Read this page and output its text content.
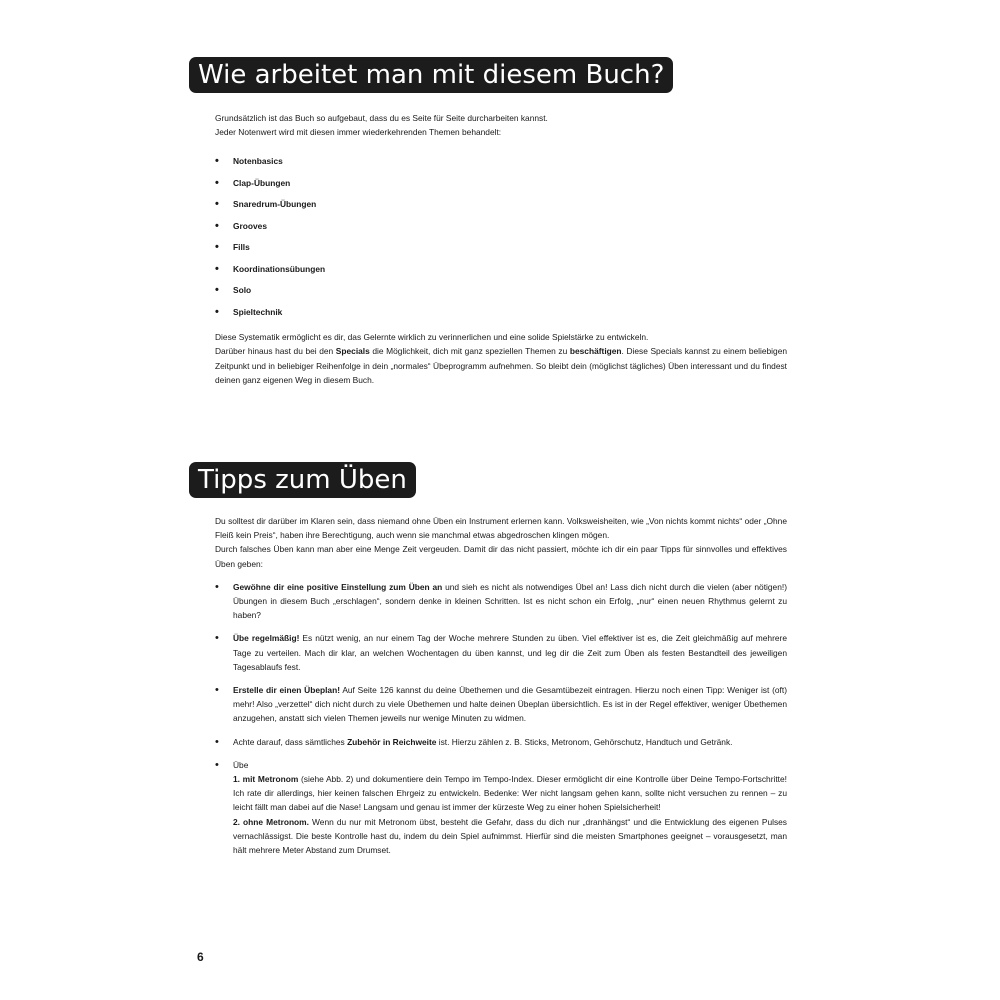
Wie arbeitet man mit diesem Buch?

Grundsätzlich ist das Buch so aufgebaut, dass du es Seite für Seite durcharbeiten kannst.

Jeder Notenwert wird mit diesen immer wiederkehrenden Themen behandelt:

• Notenbasics
• Clap-Übungen
• Snaredrum-Übungen
• Grooves
• Fills
• Koordinationsübungen
• Solo
• Spieltechnik

Diese Systematik ermöglicht es dir, das Gelernte wirklich zu verinnerlichen und eine solide Spielstärke zu entwickeln.

Darüber hinaus hast du bei den Specials die Möglichkeit, dich mit ganz speziellen Themen zu beschäftigen. Diese Specials kannst zu einem beliebigen Zeitpunkt und in beliebiger Reihenfolge in dein „normales“ Übeprogramm aufnehmen. So bleibt dein (möglichst tägliches) Üben interessant und du findest deinen ganz eigenen Weg in diesem Buch.

Tipps zum Üben

Du solltest dir darüber im Klaren sein, dass niemand ohne Üben ein Instrument erlernen kann. Volksweisheiten, wie „Von nichts kommt nichts“ oder „Ohne Fleiß kein Preis“, haben ihre Berechtigung, auch wenn sie manchmal etwas abgedroschen klingen mögen.

Durch falsches Üben kann man aber eine Menge Zeit vergeuden. Damit dir das nicht passiert, möchte ich dir ein paar Tipps für sinnvolles und effektives Üben geben:

• Gewöhne dir eine positive Einstellung zum Üben an und sieh es nicht als notwendiges Übel an! Lass dich nicht durch die vielen (aber nötigen!) Übungen in diesem Buch „erschlagen“, sondern denke in kleinen Schritten. Ist es nicht schon ein Erfolg, „nur“ einen neuen Rhythmus gelernt zu haben?
• Übe regelmäßig! Es nützt wenig, an nur einem Tag der Woche mehrere Stunden zu üben. Viel effektiver ist es, die Zeit gleichmäßig auf mehrere Tage zu verteilen. Mach dir klar, an welchen Wochentagen du üben kannst, und leg dir die Zeit zum Üben als festen Bestandteil des jeweiligen Tagesablaufs fest.
• Erstelle dir einen Übeplan! Auf Seite 126 kannst du deine Übethemen und die Gesamtübezeit eintragen. Hierzu noch einen Tipp: Weniger ist (oft) mehr! Also „verzettel“ dich nicht durch zu viele Übethemen und halte deinen Übeplan übersichtlich. Es ist in der Regel effektiver, weniger Übethemen anzugehen, anstatt sich vielen Themen jeweils nur wenige Minuten zu widmen.
• Achte darauf, dass sämtliches Zubehör in Reichweite ist. Hierzu zählen z. B. Sticks, Metronom, Gehörschutz, Handtuch und Getränk.
• Übe
1. mit Metronom (siehe Abb. 2) und dokumentiere dein Tempo im Tempo-Index. Dieser ermöglicht dir eine Kontrolle über Deine Tempo-Fortschritte! Ich rate dir allerdings, hier keinen falschen Ehrgeiz zu entwickeln. Bedenke: Wer nicht langsam gehen kann, sollte nicht versuchen zu rennen – zu leicht fällt man dabei auf die Nase! Langsam und genau ist immer der kürzeste Weg zu einer hohen Spielsicherheit!
2. ohne Metronom. Wenn du nur mit Metronom übst, besteht die Gefahr, dass du dich nur „dranhängst“ und die Entwicklung des eigenen Pulses vernachlässigst. Die beste Kontrolle hast du, indem du dein Spiel aufnimmst. Hierfür sind die meisten Smartphones geeignet – vorausgesetzt, man hält mehrere Meter Abstand zum Drumset.
6
